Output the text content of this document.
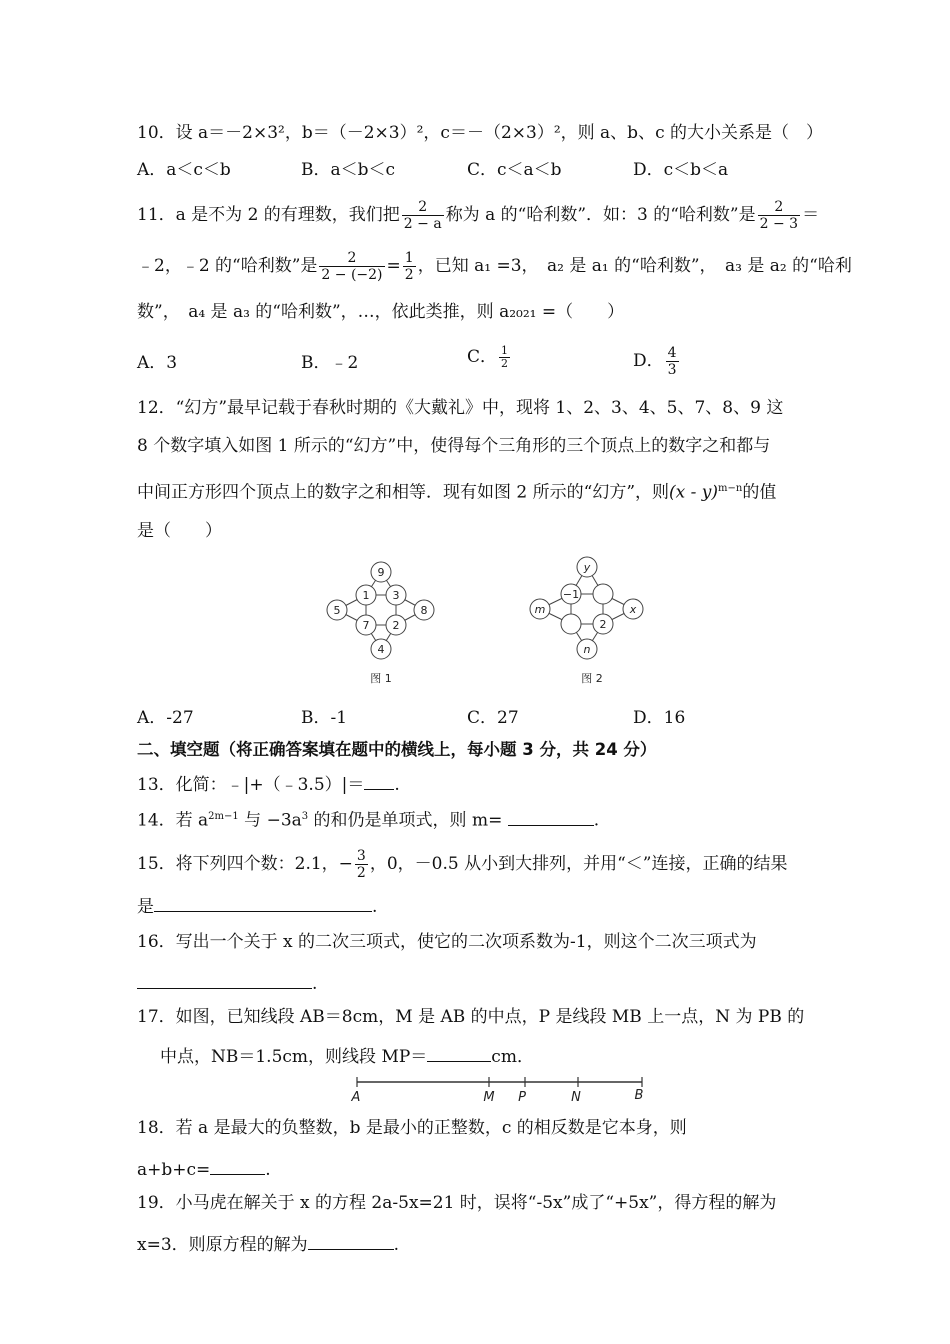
10．设 a＝－2×3²，b＝（－2×3）²，c＝－（2×3）²，则 a、b、c 的大小关系是（　）
A．a＜c＜b	B．a＜b＜c	C．c＜a＜b	D．c＜b＜a
11．a 是不为 2 的有理数，我们把 $\frac{2}{2 - a}$ 称为 a 的“哈利数”．如：3 的“哈利数”是 $\frac{2}{2 - 3}$ ＝
﹣2，﹣2 的“哈利数”是 $\frac{2}{2 - (-2)} = \frac{1}{2}$ ，已知 a₁ =3，　a₂ 是 a₁ 的“哈利数”，　a₃ 是 a₂ 的“哈利
数”，　a₄ 是 a₃ 的“哈利数”，…，依此类推，则 a₂₀₂₁ =（　　）
A．3	B．﹣2	C． $\frac{1}{2}$	D． $\frac{4}{3}$
12．“幻方”最早记载于春秋时期的《大戴礼》中，现将 1、2、3、4、5、7、8、9 这
8 个数字填入如图 1 所示的“幻方”中，使得每个三角形的三个顶点上的数字之和都与
中间正方形四个顶点上的数字之和相等．现有如图 2 所示的“幻方”，则(x - y)$^{m-n}$的值
是（　　）
9
1 3
5	8
7 2
4
图 1
y
−1
m	x
2
n
图 2
A．-27	B．-1	C．27	D．16
二、填空题（将正确答案填在题中的横线上，每小题 3 分，共 24 分）
13．化简：﹣|+（﹣3.5）|＝ .
14．若 $a^{2m-1}$ 与 $-3a^3$ 的和仍是单项式，则 m=	.
15．将下列四个数：2.1，− $\frac{3}{2}$ ，0，－0.5 从小到大排列，并用“＜”连接，正确的结果
是	.
16．写出一个关于 x 的二次三项式，使它的二次项系数为-1，则这个二次三项式为
.
17．如图，已知线段 AB＝8cm，M 是 AB 的中点，P 是线段 MB 上一点，N 为 PB 的
中点，NB＝1.5cm，则线段 MP＝	cm．
A	M P	N	B
18．若 a 是最大的负整数，b 是最小的正整数，c 的相反数是它本身，则
a+b+c=	.
19．小马虎在解关于 x 的方程 2a-5x=21 时，误将“-5x”成了“+5x”，得方程的解为
x=3．则原方程的解为	.
